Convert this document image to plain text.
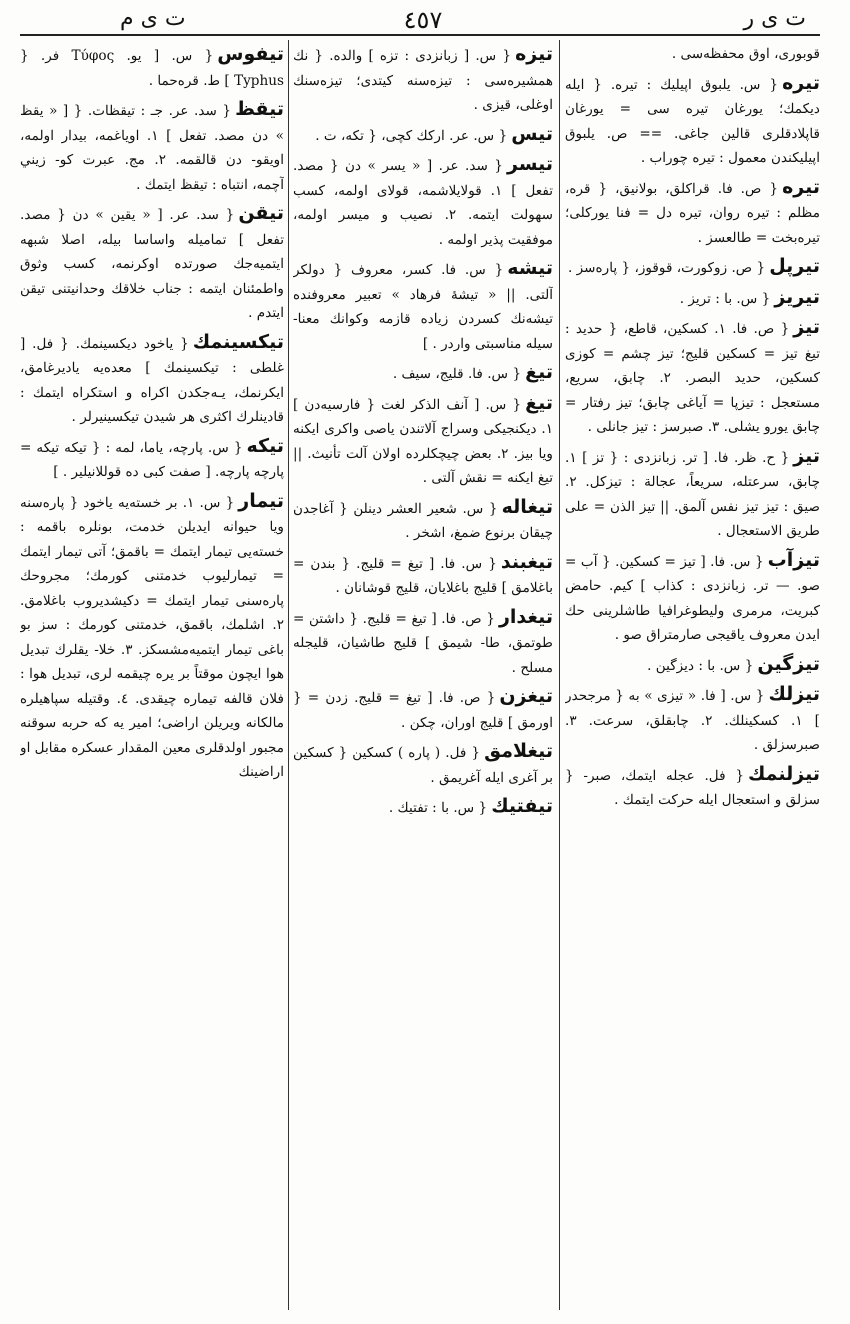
ت ى ر
٤٥٧
ت ى م

قوبورى، اوق محفظه‌سى .

تیره{ س. يلبوق اپيليك : تيره. { ايله ديكمك؛ يورغان تيره سى = يورغان قاپلادقلرى قالين جاغى. == ص. يلبوق اپيليكندن معمول : تيره چوراب .

تیره{ ص. فا. قراكلق، بولانيق، { قره، مظلم : تيره روان، تيره دل = فنا يوركلى؛ تيره‌بخت = طالعسز .

تیرپل{ ص. زوكورت، قوقوز، { پاره‌سز .

تیریز{ س. با : تريز .

تیز{ ص. فا. ١. كسكين، قاطع، { حديد : تيغ تيز = كسكين قليج؛ تيز چشم = كوزى كسكين، حديد البصر. ٢. چابق، سريع، مستعجل : تيزپا = آياغى چابق؛ تيز رفتار = چابق يورو يشلى. ٣. صبرسز : تيز جانلى .

تیز{ ح. ظر. فا. [ تر. زبانزدى : { تز ] ١. چابق، سرعتله، سريعاً، عجالة : تيزكل. ٢. صيق : تيز تيز نفس آلمق. || تيز الذن = على طريق الاستعجال .

تیزآب{ س. فا. [ تيز = كسكين. { آب = صو. — تر. زبانزدى : كذاب ] كيم. حامض كبريت، مرمرى وليطوغرافيا طاشلرينى حك ايدن معروف ياقيجى صارمتراق صو .

تیزگین{ س. با : ديزگين .

تیزلك{ س. [ فا. « تيزى » به { مرجحدر ] ١. كسكينلك. ٢. چابقلق، سرعت. ٣. صبرسزلق .

تیزلنمك{ فل. عجله ايتمك، صبر- { سزلق و استعجال ايله حركت ايتمك .

تیزه{ س. [ زبانزدى : تزه ] والده. { نك همشيره‌سى : تيزه‌سنه كيتدى؛ تيزه‌سنك اوغلى، قيزى .

تیس{ س. عر. اركك كچى، { تكه، ت .

تیسر{ سد. عر. [ « يسر » دن { مصد. تفعل ] ١. قولايلاشمه، قولاى اولمه، كسب سهولت ايتمه. ٢. نصيب و ميسر اولمه، موفقيت پذير اولمه .

تیشه{ س. فا. كسر، معروف { دولكر آلتى. || « تيشهٔ فرهاد » تعبير معروفنده تيشه‌نك كسردن زياده قازمه وكوانك معنا- سيله مناسبتى واردر . ]

تیغ{ س. فا. قليج، سيف .

تیغ{ س. [ آنف الذكر لغت { فارسيه‌دن ] ١. ديكنجيكى وسراج آلاتندن ياصى واكرى ايكنه ويا بيز. ٢. بعض چيچكلرده اولان آلت تأنيث. || تيغ ايكنه = نقش آلتى .

تیغاله{ س. شعير العشر دينلن { آغاجدن چيقان برنوع ضمغ، اشخر .

تیغبند{ س. فا. [ تيغ = قليج. { بندن = باغلامق ] قليج باغلايان، قليج قوشانان .

تیغدار{ ص. فا. [ تيغ = قليج. { داشتن = طوتمق، طا- شيمق ] قليج طاشيان، قليجله مسلح .

تیغزن{ ص. فا. [ تيغ = قليج. زدن = { اورمق ] قليج اوران، چكن .

تیغلامق{ فل. ( پاره ) كسكين { كسكين بر آغرى ايله آغريمق .

تیفتیك{ س. با : تفتيك .

تیفوس{ س. [ يو. Tύφος فر. { Typhus ] ط. قره‌حما .

تیقظ{ سد. عر. جـ : تيقظات. { [ « يقظ » دن مصد. تفعل ] ١. اوياغمه، بيدار اولمه، اويقو- دن قالقمه. ٢. مج. عبرت كو- زيني آچمه، انتباه : تيقظ ايتمك .

تیقن{ سد. عر. [ « يقين » دن { مصد. تفعل ] تماميله واساسا بيله، اصلا شبهه ايتميه‌جك صورتده اوكرنمه، كسب وثوق واطمئنان ايتمه : جناب خلاقك وحدانيتنى تيقن ايتدم .

تیکسینمك{ ياخود ديكسينمك. { فل. [ غلطى : تيكسينمك ] معده‌يه ياديرغامق، ايكرنمك، يـه‌جكدن اكراه و استكراه ايتمك : قادينلرك اكثرى هر شيدن تيكسينيرلر .

تیکه{ س. پارچه، ياما، لمه : { تيكه تيكه = پارچه پارچه. [ صفت كبى ده قوللانيلير . ]

تیمار{ س. ١. بر خسته‌يه ياخود { پاره‌سنه ويا حيوانه ايديلن خدمت، بونلره باقمه : خسته‌يى تيمار ايتمك = باقمق؛ آتى تيمار ايتمك = تيمارليوب خدمتنى كورمك؛ مجروحك پاره‌سنى تيمار ايتمك = دكيشديروب باغلامق. ٢. اشلمك، باقمق، خدمتنى كورمك : سز بو باغى تيمار ايتميه‌مشسكز. ٣. خلا- يقلرك تبديل هوا ايچون موقتاً بر يره چيقمه لرى، تبديل هوا : فلان قالفه تيماره چيقدى. ٤. وقتيله سپاهيلره مالكانه ويريلن اراضى؛ امير يه كه حربه سوقنه مجبور اولدقلرى معين المقدار عسكره مقابل او اراضينك
